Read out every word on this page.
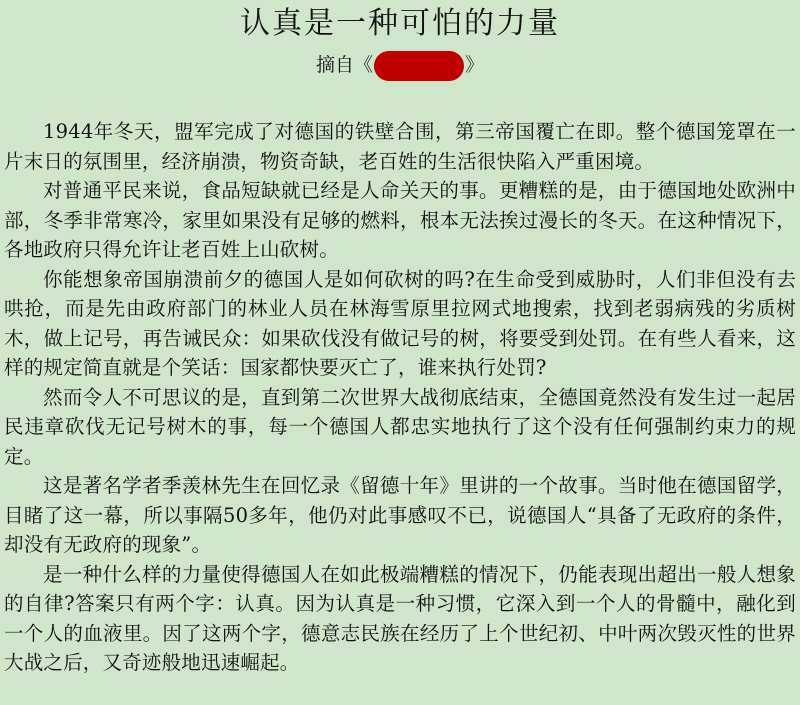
认真是一种可怕的力量
摘自《	》

1944年冬天，盟军完成了对德国的铁壁合围，第三帝国覆亡在即。整个德国笼罩在一片末日的氛围里，经济崩溃，物资奇缺，老百姓的生活很快陷入严重困境。

对普通平民来说，食品短缺就已经是人命关天的事。更糟糕的是，由于德国地处欧洲中部，冬季非常寒冷，家里如果没有足够的燃料，根本无法挨过漫长的冬天。在这种情况下，各地政府只得允许让老百姓上山砍树。

你能想象帝国崩溃前夕的德国人是如何砍树的吗?在生命受到威胁时，人们非但没有去哄抢，而是先由政府部门的林业人员在林海雪原里拉网式地搜索，找到老弱病残的劣质树木，做上记号，再告诫民众：如果砍伐没有做记号的树，将要受到处罚。在有些人看来，这样的规定简直就是个笑话：国家都快要灭亡了，谁来执行处罚?

然而令人不可思议的是，直到第二次世界大战彻底结束，全德国竟然没有发生过一起居民违章砍伐无记号树木的事，每一个德国人都忠实地执行了这个没有任何强制约束力的规定。

这是著名学者季羡林先生在回忆录《留德十年》里讲的一个故事。当时他在德国留学，目睹了这一幕，所以事隔50多年，他仍对此事感叹不已，说德国人“具备了无政府的条件，却没有无政府的现象”。

是一种什么样的力量使得德国人在如此极端糟糕的情况下，仍能表现出超出一般人想象的自律?答案只有两个字：认真。因为认真是一种习惯，它深入到一个人的骨髓中，融化到一个人的血液里。因了这两个字，德意志民族在经历了上个世纪初、中叶两次毁灭性的世界大战之后，又奇迹般地迅速崛起。
